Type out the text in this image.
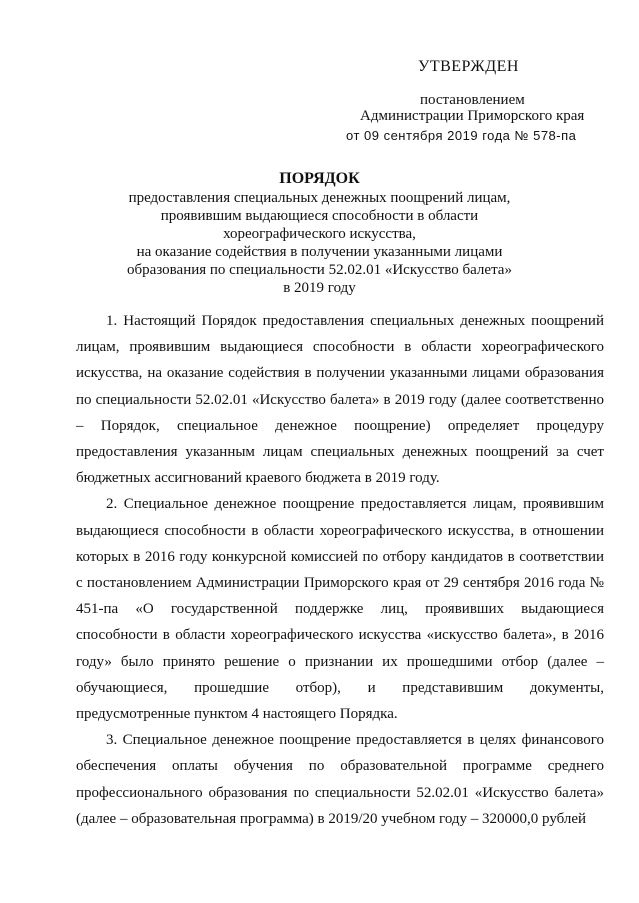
УТВЕРЖДЕН
постановлением
Администрации Приморского края
от 09 сентября 2019 года № 578-па
ПОРЯДОК
предоставления специальных денежных поощрений лицам,
проявившим выдающиеся способности в области
хореографического искусства,
на оказание содействия в получении указанными лицами
образования по специальности 52.02.01 «Искусство балета»
в 2019 году

1. Настоящий Порядок предоставления специальных денежных поощрений лицам, проявившим выдающиеся способности в области хореографического искусства, на оказание содействия в получении указанными лицами образования по специальности 52.02.01 «Искусство балета» в 2019 году (далее соответственно – Порядок, специальное денежное поощрение) определяет процедуру предоставления указанным лицам специальных денежных поощрений за счет бюджетных ассигнований краевого бюджета в 2019 году.

2. Специальное денежное поощрение предоставляется лицам, проявившим выдающиеся способности в области хореографического искусства, в отношении которых в 2016 году конкурсной комиссией по отбору кандидатов в соответствии с постановлением Администрации Приморского края от 29 сентября 2016 года № 451-па «О государственной поддержке лиц, проявивших выдающиеся способности в области хореографического искусства «искусство балета», в 2016 году» было принято решение о признании их прошедшими отбор (далее – обучающиеся, прошедшие отбор), и представившим документы, предусмотренные пунктом 4 настоящего Порядка.

3. Специальное денежное поощрение предоставляется в целях финансового обеспечения оплаты обучения по образовательной программе среднего профессионального образования по специальности 52.02.01 «Искусство балета» (далее – образовательная программа) в 2019/20 учебном году – 320000,0 рублей
